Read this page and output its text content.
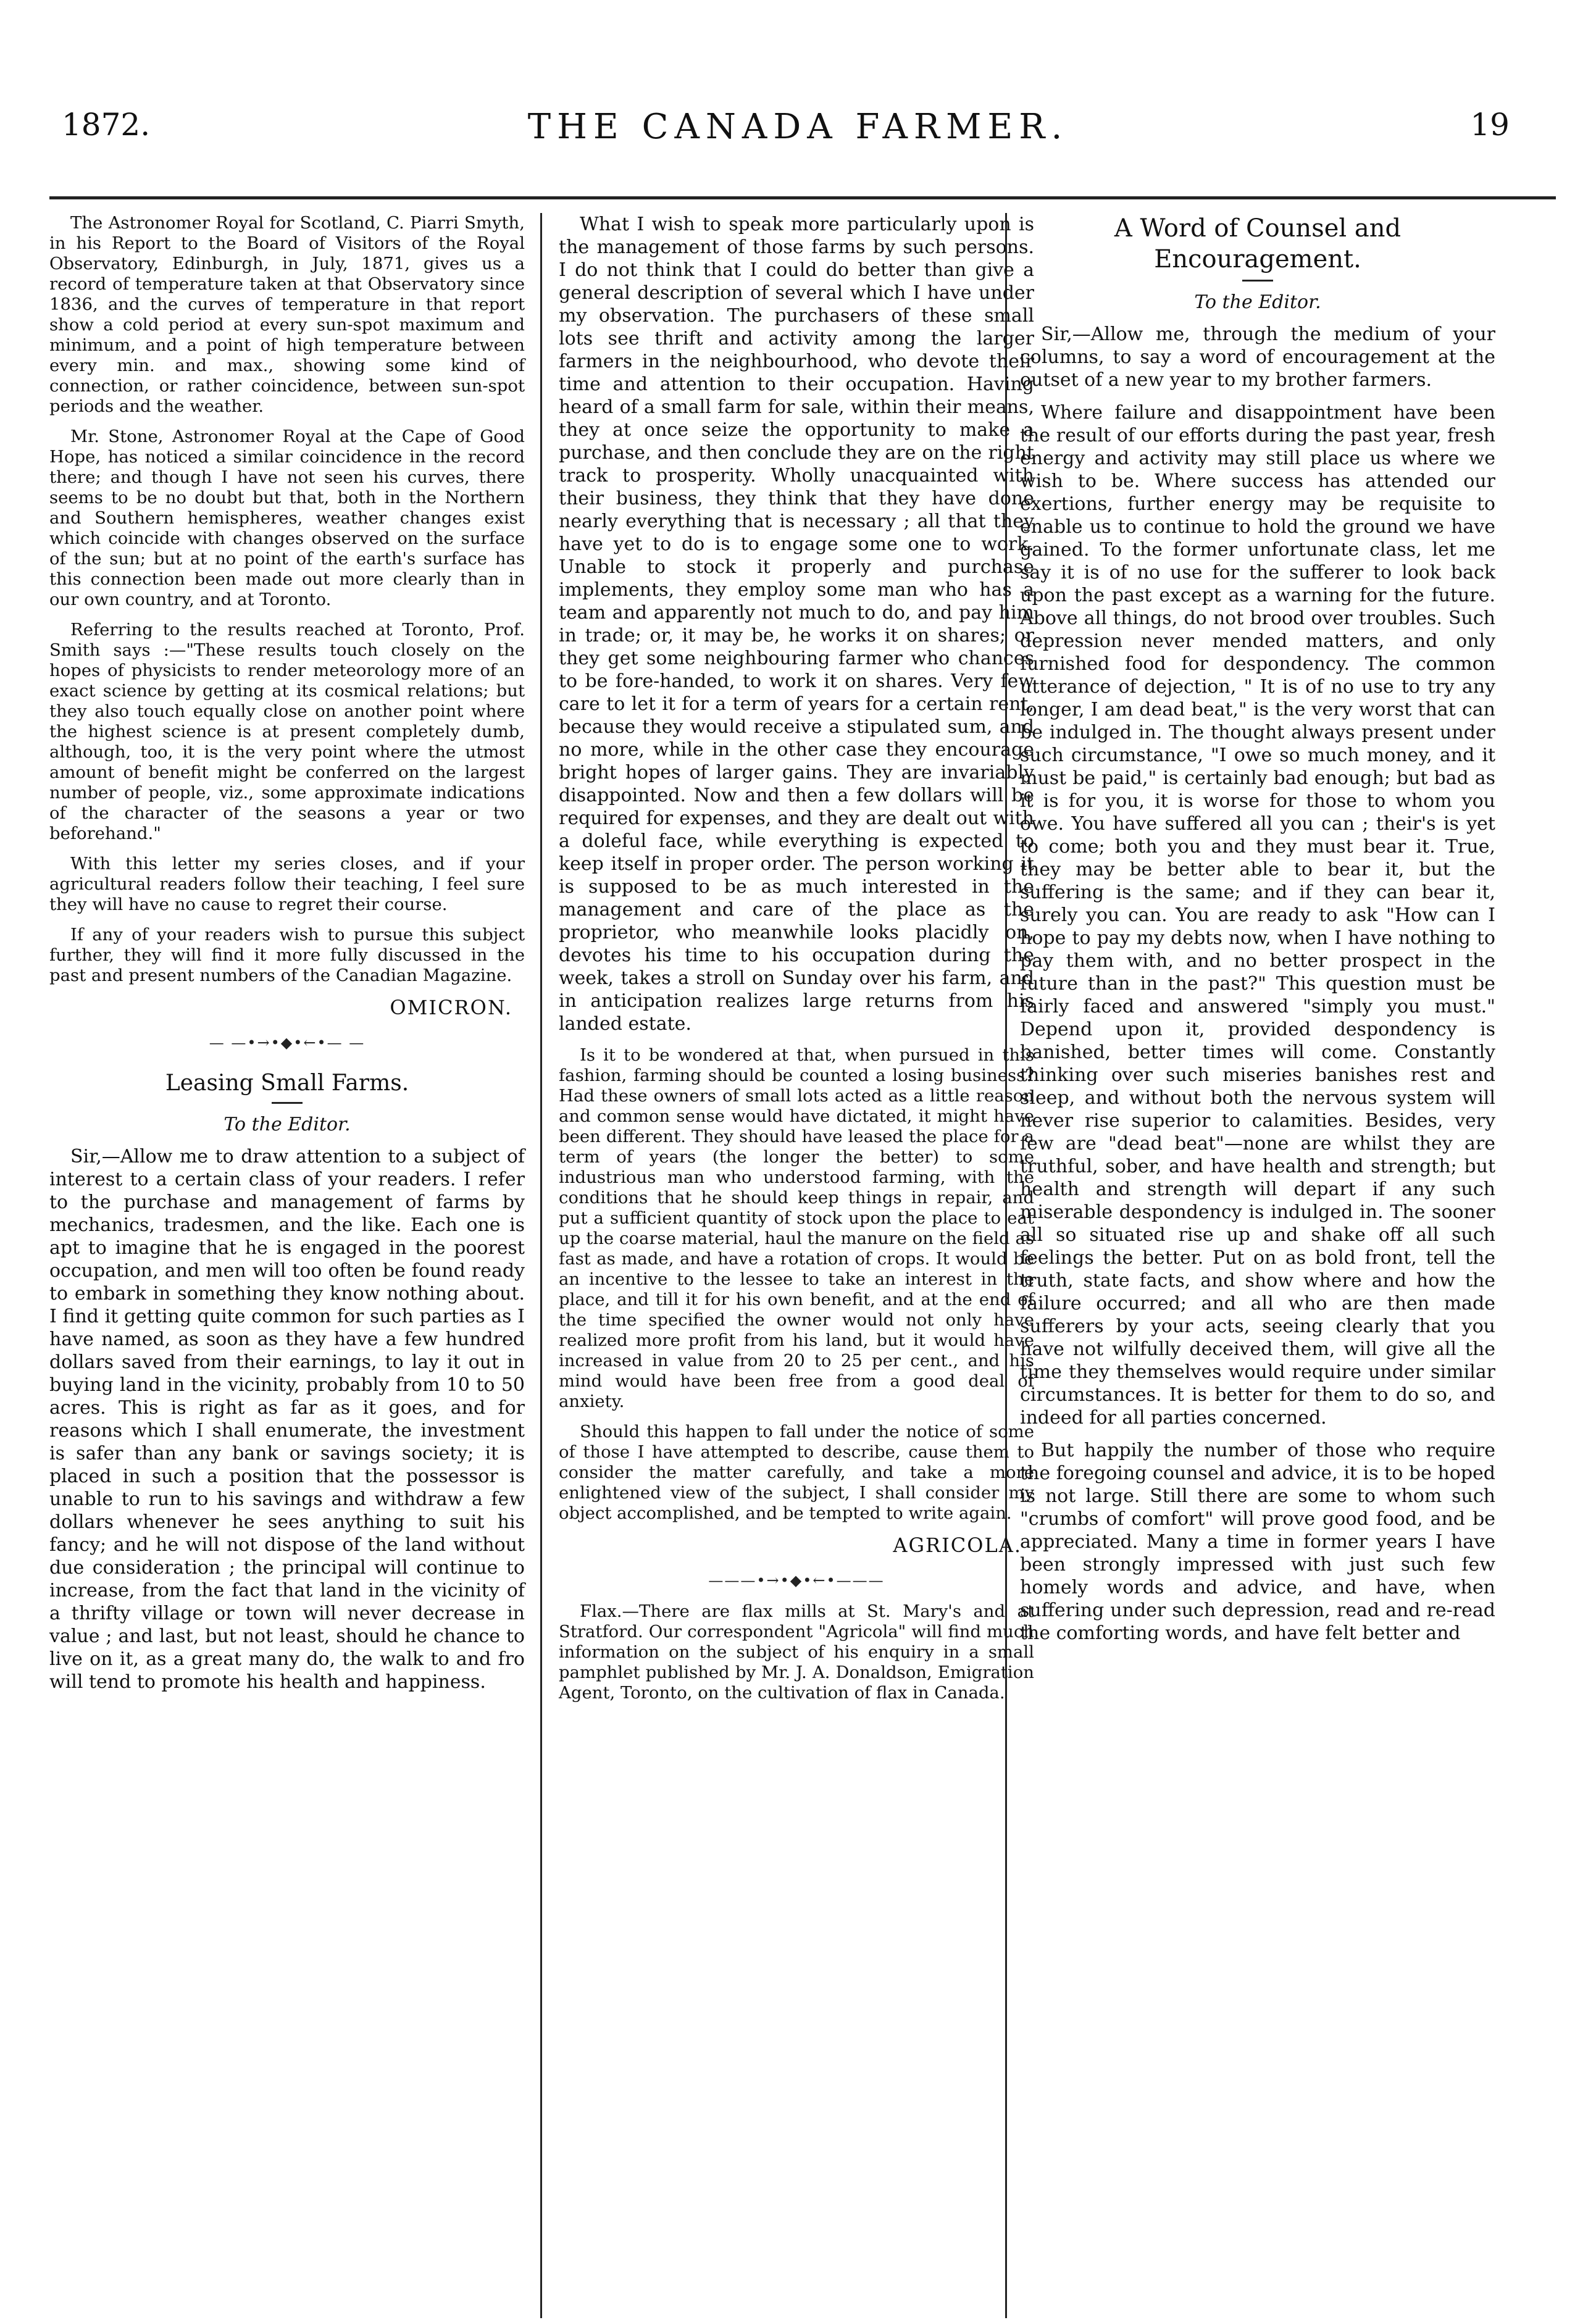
1872.	THE CANADA FARMER.	19

The Astronomer Royal for Scotland, C. Piarri Smyth, in his Report to the Board of Visitors of the Royal Observatory, Edinburgh, in July, 1871, gives us a record of temperature taken at that Observatory since 1836, and the curves of temperature in that report show a cold period at every sun-spot maximum and minimum, and a point of high temperature between every min. and max., showing some kind of connection, or rather coincidence, between sun-spot periods and the weather.

Mr. Stone, Astronomer Royal at the Cape of Good Hope, has noticed a similar coincidence in the record there; and though I have not seen his curves, there seems to be no doubt but that, both in the Northern and Southern hemispheres, weather changes exist which coincide with changes observed on the surface of the sun; but at no point of the earth's surface has this connection been made out more clearly than in our own country, and at Toronto.

Referring to the results reached at Toronto, Prof. Smith says :—"These results touch closely on the hopes of physicists to render meteorology more of an exact science by getting at its cosmical relations; but they also touch equally close on another point where the highest science is at present completely dumb, although, too, it is the very point where the utmost amount of benefit might be conferred on the largest number of people, viz., some approximate indications of the character of the seasons a year or two beforehand."

With this letter my series closes, and if your agricultural readers follow their teaching, I feel sure they will have no cause to regret their course.

If any of your readers wish to pursue this subject further, they will find it more fully discussed in the past and present numbers of the Canadian Magazine.

OMICRON.
— —•→•◆•←•— —
Leasing Small Farms.
To the Editor.

Sir,—Allow me to draw attention to a subject of interest to a certain class of your readers. I refer to the purchase and management of farms by mechanics, tradesmen, and the like. Each one is apt to imagine that he is engaged in the poorest occupation, and men will too often be found ready to embark in something they know nothing about. I find it getting quite common for such parties as I have named, as soon as they have a few hundred dollars saved from their earnings, to lay it out in buying land in the vicinity, probably from 10 to 50 acres. This is right as far as it goes, and for reasons which I shall enumerate, the investment is safer than any bank or savings society; it is placed in such a position that the possessor is unable to run to his savings and withdraw a few dollars whenever he sees anything to suit his fancy; and he will not dispose of the land without due consideration ; the principal will continue to increase, from the fact that land in the vicinity of a thrifty village or town will never decrease in value ; and last, but not least, should he chance to live on it, as a great many do, the walk to and fro will tend to promote his health and happiness.

What I wish to speak more particularly upon is the management of those farms by such persons. I do not think that I could do better than give a general description of several which I have under my observation. The purchasers of these small lots see thrift and activity among the larger farmers in the neighbourhood, who devote their time and attention to their occupation. Having heard of a small farm for sale, within their means, they at once seize the opportunity to make a purchase, and then conclude they are on the right track to prosperity. Wholly unacquainted with their business, they think that they have done nearly everything that is necessary ; all that they have yet to do is to engage some one to work. Unable to stock it properly and purchase implements, they employ some man who has a team and apparently not much to do, and pay him in trade; or, it may be, he works it on shares; or they get some neighbouring farmer who chances to be fore-handed, to work it on shares. Very few care to let it for a term of years for a certain rent, because they would receive a stipulated sum, and no more, while in the other case they encourage bright hopes of larger gains. They are invariably disappointed. Now and then a few dollars will be required for expenses, and they are dealt out with a doleful face, while everything is expected to keep itself in proper order. The person working it is supposed to be as much interested in the management and care of the place as the proprietor, who meanwhile looks placidly on, devotes his time to his occupation during the week, takes a stroll on Sunday over his farm, and in anticipation realizes large returns from his landed estate.

Is it to be wondered at that, when pursued in this fashion, farming should be counted a losing business? Had these owners of small lots acted as a little reason and common sense would have dictated, it might have been different. They should have leased the place for a term of years (the longer the better) to some industrious man who understood farming, with the conditions that he should keep things in repair, and put a sufficient quantity of stock upon the place to eat up the coarse material, haul the manure on the field as fast as made, and have a rotation of crops. It would be an incentive to the lessee to take an interest in the place, and till it for his own benefit, and at the end of the time specified the owner would not only have realized more profit from his land, but it would have increased in value from 20 to 25 per cent., and his mind would have been free from a good deal of anxiety.

Should this happen to fall under the notice of some of those I have attempted to describe, cause them to consider the matter carefully, and take a more enlightened view of the subject, I shall consider my object accomplished, and be tempted to write again.

AGRICOLA.
———•→•◆•←•———

Flax.—There are flax mills at St. Mary's and at Stratford. Our correspondent "Agricola" will find much information on the subject of his enquiry in a small pamphlet published by Mr. J. A. Donaldson, Emigration Agent, Toronto, on the cultivation of flax in Canada.

A Word of Counsel and Encouragement.
To the Editor.

Sir,—Allow me, through the medium of your columns, to say a word of encouragement at the outset of a new year to my brother farmers.

Where failure and disappointment have been the result of our efforts during the past year, fresh energy and activity may still place us where we wish to be. Where success has attended our exertions, further energy may be requisite to enable us to continue to hold the ground we have gained. To the former unfortunate class, let me say it is of no use for the sufferer to look back upon the past except as a warning for the future. Above all things, do not brood over troubles. Such depression never mended matters, and only furnished food for despondency. The common utterance of dejection, " It is of no use to try any longer, I am dead beat," is the very worst that can be indulged in. The thought always present under such circumstance, "I owe so much money, and it must be paid," is certainly bad enough; but bad as it is for you, it is worse for those to whom you owe. You have suffered all you can ; their's is yet to come; both you and they must bear it. True, they may be better able to bear it, but the suffering is the same; and if they can bear it, surely you can. You are ready to ask "How can I hope to pay my debts now, when I have nothing to pay them with, and no better prospect in the future than in the past?" This question must be fairly faced and answered "simply you must." Depend upon it, provided despondency is banished, better times will come. Constantly thinking over such miseries banishes rest and sleep, and without both the nervous system will never rise superior to calamities. Besides, very few are "dead beat"—none are whilst they are truthful, sober, and have health and strength; but health and strength will depart if any such miserable despondency is indulged in. The sooner all so situated rise up and shake off all such feelings the better. Put on as bold front, tell the truth, state facts, and show where and how the failure occurred; and all who are then made sufferers by your acts, seeing clearly that you have not wilfully deceived them, will give all the time they themselves would require under similar circumstances. It is better for them to do so, and indeed for all parties concerned.

But happily the number of those who require the foregoing counsel and advice, it is to be hoped is not large. Still there are some to whom such "crumbs of comfort" will prove good food, and be appreciated. Many a time in former years I have been strongly impressed with just such few homely words and advice, and have, when suffering under such depression, read and re-read the comforting words, and have felt better and
